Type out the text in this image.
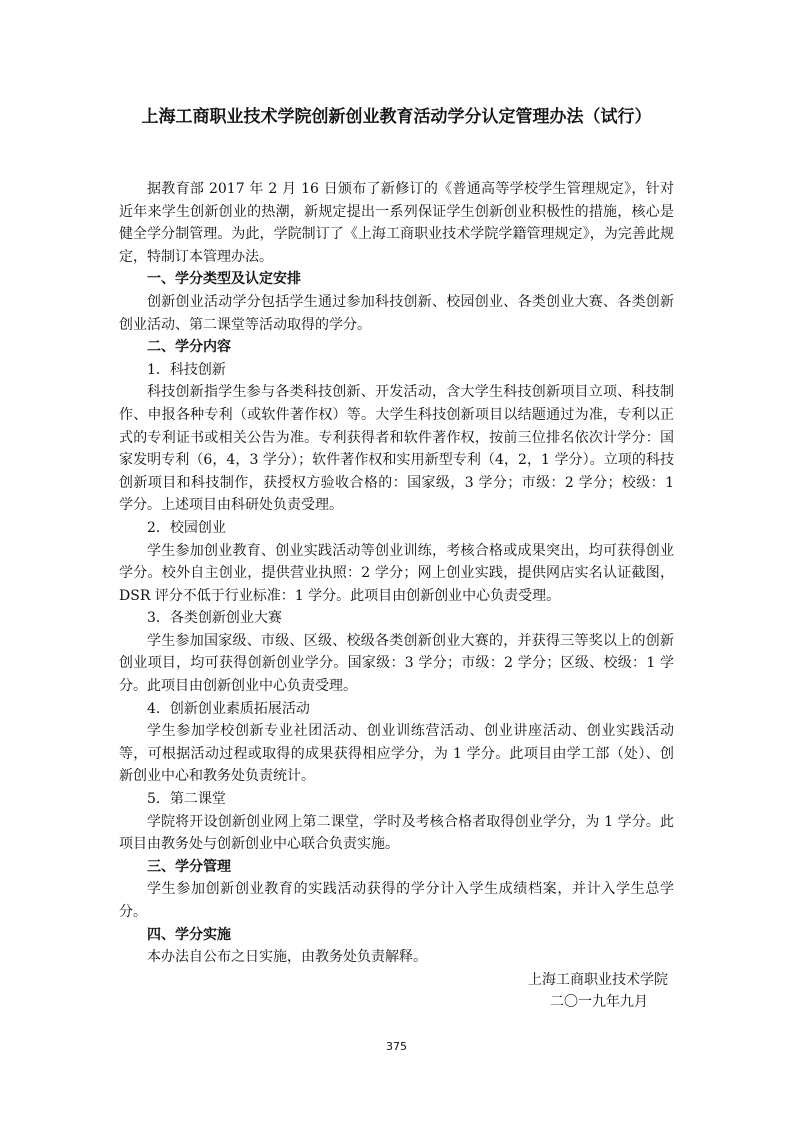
上海工商职业技术学院创新创业教育活动学分认定管理办法（试行）

据教育部 2017 年 2 月 16 日颁布了新修订的《普通高等学校学生管理规定》，针对近年来学生创新创业的热潮，新规定提出一系列保证学生创新创业积极性的措施，核心是健全学分制管理。为此，学院制订了《上海工商职业技术学院学籍管理规定》，为完善此规定，特制订本管理办法。

一、学分类型及认定安排

创新创业活动学分包括学生通过参加科技创新、校园创业、各类创业大赛、各类创新创业活动、第二课堂等活动取得的学分。

二、学分内容

1．科技创新

科技创新指学生参与各类科技创新、开发活动，含大学生科技创新项目立项、科技制作、申报各种专利（或软件著作权）等。大学生科技创新项目以结题通过为准，专利以正式的专利证书或相关公告为准。专利获得者和软件著作权，按前三位排名依次计学分：国家发明专利（6，4，3 学分）；软件著作权和实用新型专利（4，2，1 学分）。立项的科技创新项目和科技制作，获授权方验收合格的：国家级，3 学分；市级：2 学分；校级：1 学分。上述项目由科研处负责受理。

2．校园创业

学生参加创业教育、创业实践活动等创业训练，考核合格或成果突出，均可获得创业学分。校外自主创业，提供营业执照：2 学分；网上创业实践，提供网店实名认证截图，DSR 评分不低于行业标准：1 学分。此项目由创新创业中心负责受理。

3．各类创新创业大赛

学生参加国家级、市级、区级、校级各类创新创业大赛的，并获得三等奖以上的创新创业项目，均可获得创新创业学分。国家级：3 学分；市级：2 学分；区级、校级：1 学分。此项目由创新创业中心负责受理。

4．创新创业素质拓展活动

学生参加学校创新专业社团活动、创业训练营活动、创业讲座活动、创业实践活动等，可根据活动过程或取得的成果获得相应学分，为 1 学分。此项目由学工部（处）、创新创业中心和教务处负责统计。

5．第二课堂

学院将开设创新创业网上第二课堂，学时及考核合格者取得创业学分，为 1 学分。此项目由教务处与创新创业中心联合负责实施。

三、学分管理

学生参加创新创业教育的实践活动获得的学分计入学生成绩档案，并计入学生总学分。

四、学分实施

本办法自公布之日实施，由教务处负责解释。

上海工商职业技术学院

二〇一九年九月

375
